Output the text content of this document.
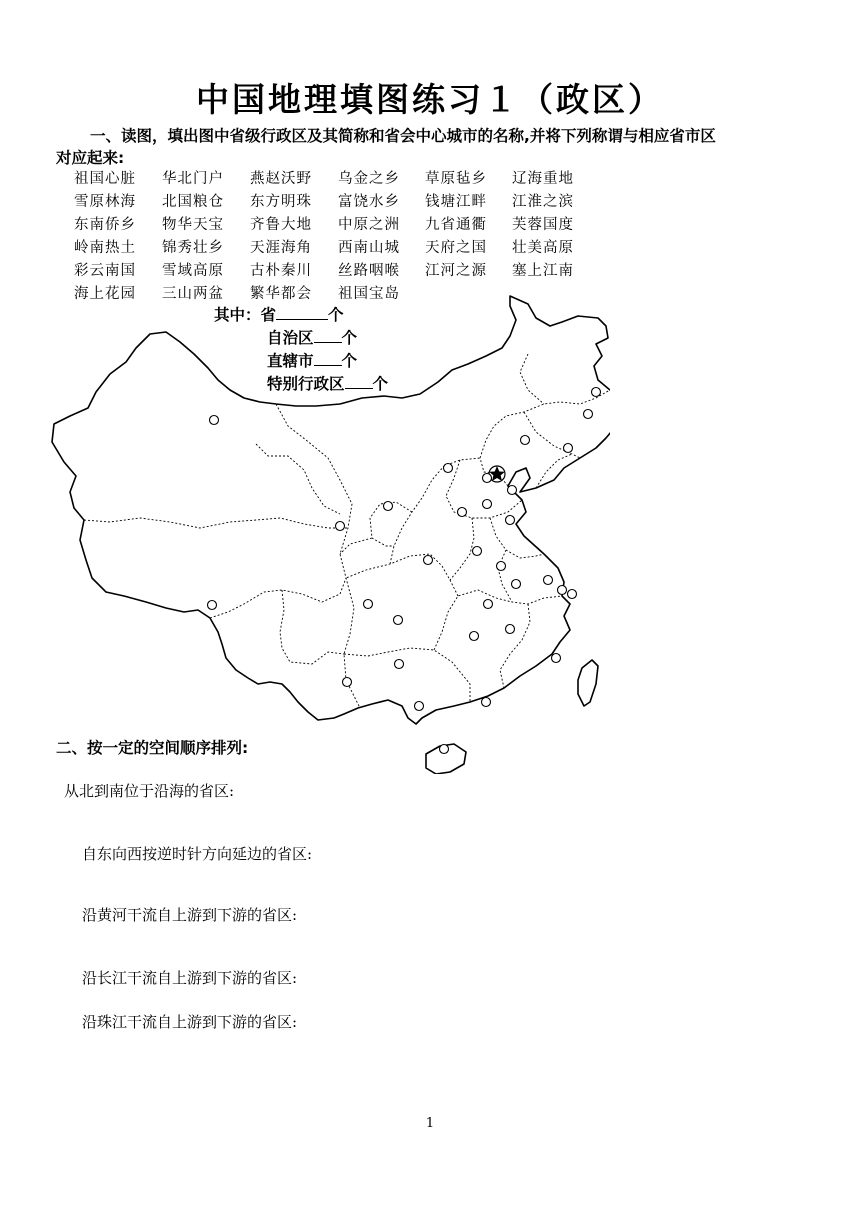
中国地理填图练习１（政区）
一、读图，填出图中省级行政区及其简称和省会中心城市的名称,并将下列称谓与相应省市区
对应起来:
祖国心脏 华北门户 燕赵沃野 乌金之乡 草原毡乡 辽海重地
雪原林海 北国粮仓 东方明珠 富饶水乡 钱塘江畔 江淮之滨
东南侨乡 物华天宝 齐鲁大地 中原之洲 九省通衢 芙蓉国度
岭南热土 锦秀壮乡 天涯海角 西南山城 天府之国 壮美高原
彩云南国 雪域高原 古朴秦川 丝路咽喉 江河之源 塞上江南
海上花园 三山两盆 繁华都会 祖国宝岛
其中：省	个
自治区 个
直辖市 个
特别行政区 个
二、按一定的空间顺序排列:
从北到南位于沿海的省区:
自东向西按逆时针方向延边的省区:
沿黄河干流自上游到下游的省区:
沿长江干流自上游到下游的省区:
沿珠江干流自上游到下游的省区:
1
